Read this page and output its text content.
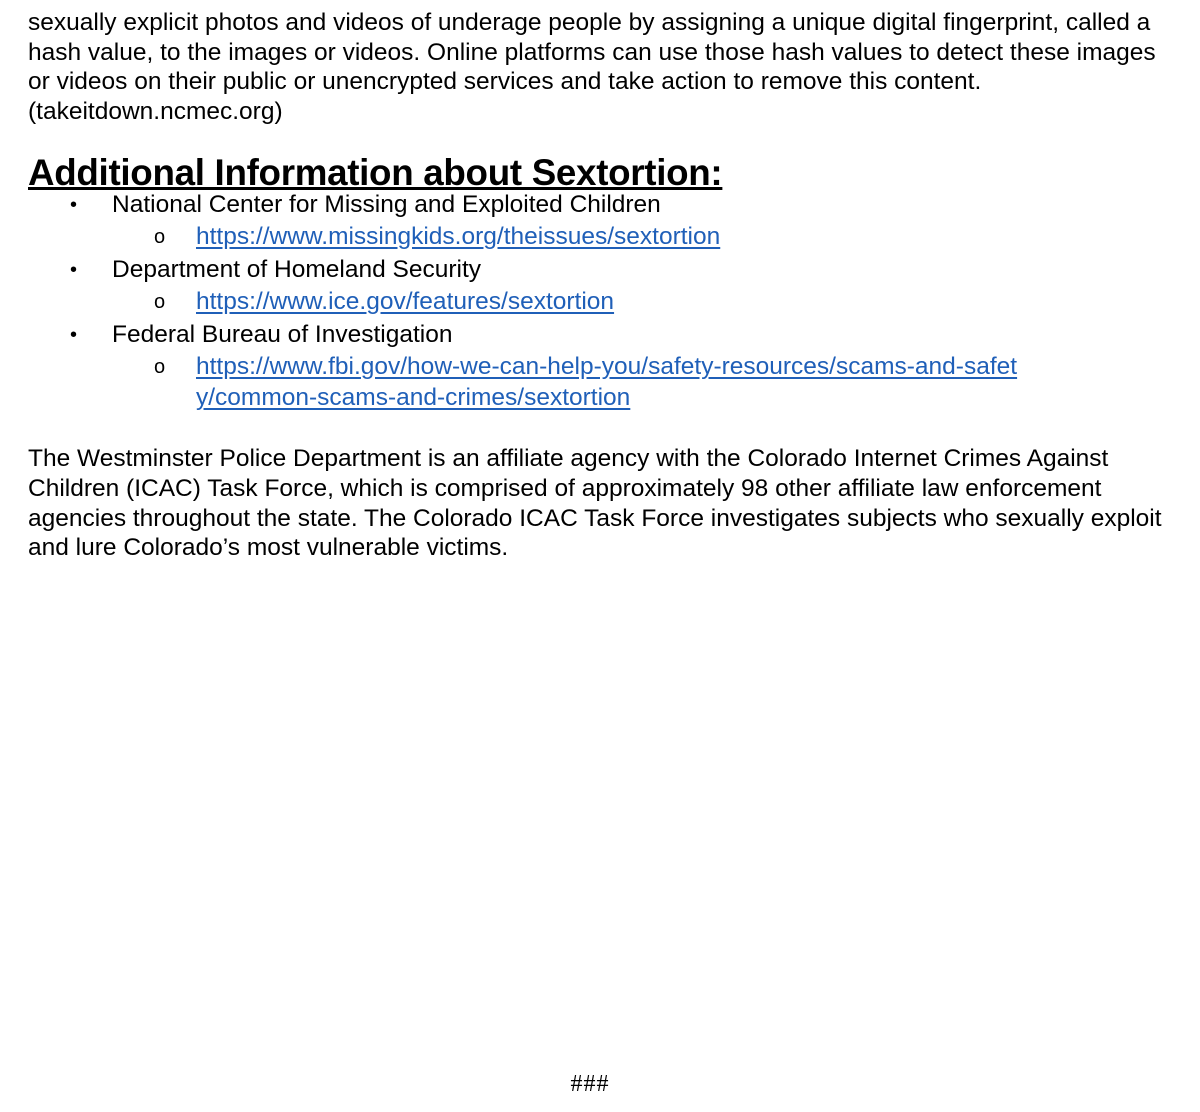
sexually explicit photos and videos of underage people by assigning a unique digital fingerprint, called a hash value, to the images or videos. Online platforms can use those hash values to detect these images or videos on their public or unencrypted services and take action to remove this content. (takeitdown.ncmec.org)

Additional Information about Sextortion:
• National Center for Missing and Exploited Children
o https://www.missingkids.org/theissues/sextortion
• Department of Homeland Security
o https://www.ice.gov/features/sextortion
• Federal Bureau of Investigation
o https://www.fbi.gov/how-we-can-help-you/safety-resources/scams-and-safety/common-scams-and-crimes/sextortion

The Westminster Police Department is an affiliate agency with the Colorado Internet Crimes Against Children (ICAC) Task Force, which is comprised of approximately 98 other affiliate law enforcement agencies throughout the state. The Colorado ICAC Task Force investigates subjects who sexually exploit and lure Colorado’s most vulnerable victims.

###
